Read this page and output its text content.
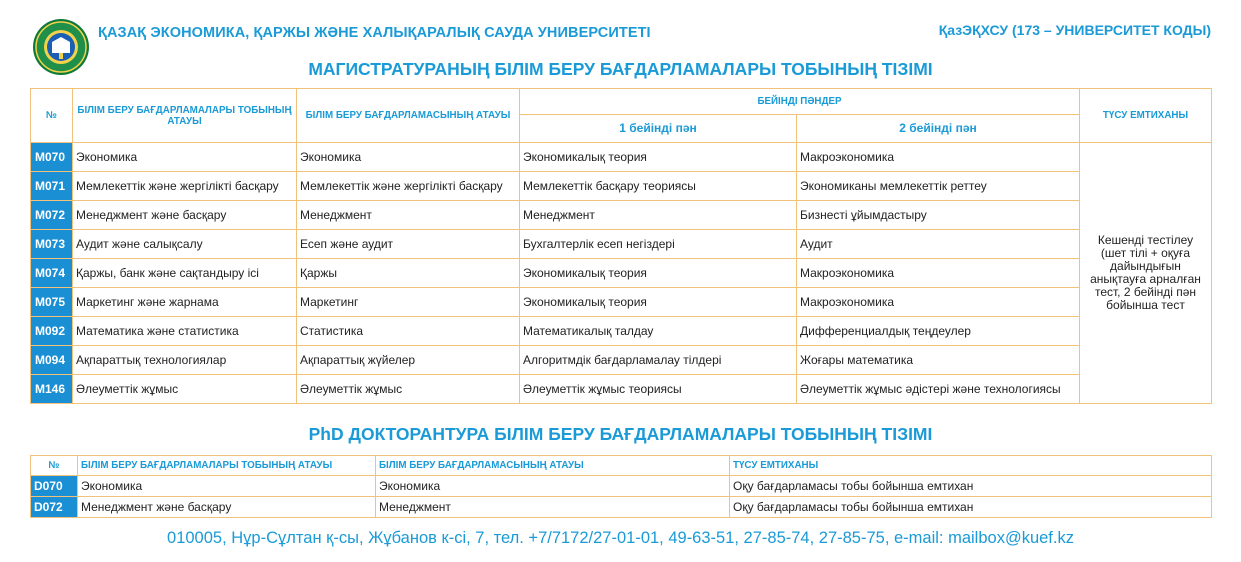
ҚАЗАҚ ЭКОНОМИКА, ҚАРЖЫ ЖӘНЕ ХАЛЫҚАРАЛЫҚ САУДА УНИВЕРСИТЕТІ	ҚазЭҚХСУ (173 – УНИВЕРСИТЕТ КОДЫ)
МАГИСТРАТУРАНЫҢ БІЛІМ БЕРУ БАҒДАРЛАМАЛАРЫ ТОБЫНЫҢ ТІЗІМІ
№	БІЛІМ БЕРУ БАҒДАРЛАМАЛАРЫ ТОБЫНЫҢ АТАУЫ	БІЛІМ БЕРУ БАҒДАРЛАМАСЫНЫҢ АТАУЫ	БЕЙІНДІ ПӘНДЕР		ТҮСУ ЕМТИХАНЫ
			1 бейінді пән	2 бейінді пән	
M070	Экономика	Экономика	Экономикалық теория	Макроэкономика	Кешенді тестілеу (шет тілі + оқуға дайындығын анықтауға арналған тест, 2 бейінді пән бойынша тест
M071	Мемлекеттік және жергілікті басқару	Мемлекеттік және жергілікті басқару	Мемлекеттік басқару теориясы	Экономиканы мемлекеттік реттеу	
M072	Менеджмент және басқару	Менеджмент	Менеджмент	Бизнесті ұйымдастыру	
M073	Аудит және салықсалу	Есеп және аудит	Бухгалтерлік есеп негіздері	Аудит	
M074	Қаржы, банк және сақтандыру ісі	Қаржы	Экономикалық теория	Макроэкономика	
M075	Маркетинг және жарнама	Маркетинг	Экономикалық теория	Макроэкономика	
M092	Математика және статистика	Статистика	Математикалық талдау	Дифференциалдық теңдеулер	
M094	Ақпараттық технологиялар	Ақпараттық жүйелер	Алгоритмдік бағдарламалау тілдері	Жоғары математика	
M146	Әлеуметтік жұмыс	Әлеуметтік жұмыс	Әлеуметтік жұмыс теориясы	Әлеуметтік жұмыс әдістері және технологиясы	
PhD ДОКТОРАНТУРА БІЛІМ БЕРУ БАҒДАРЛАМАЛАРЫ ТОБЫНЫҢ ТІЗІМІ
№	БІЛІМ БЕРУ БАҒДАРЛАМАЛАРЫ ТОБЫНЫҢ АТАУЫ	БІЛІМ БЕРУ БАҒДАРЛАМАСЫНЫҢ АТАУЫ	ТҮСУ ЕМТИХАНЫ
D070	Экономика	Экономика	Оқу бағдарламасы тобы бойынша емтихан
D072	Менеджмент және басқару	Менеджмент	Оқу бағдарламасы тобы бойынша емтихан
010005, Нұр-Сұлтан қ-сы, Жұбанов к-сі, 7, тел. +7/7172/27-01-01, 49-63-51, 27-85-74, 27-85-75, e-mail: mailbox@kuef.kz
